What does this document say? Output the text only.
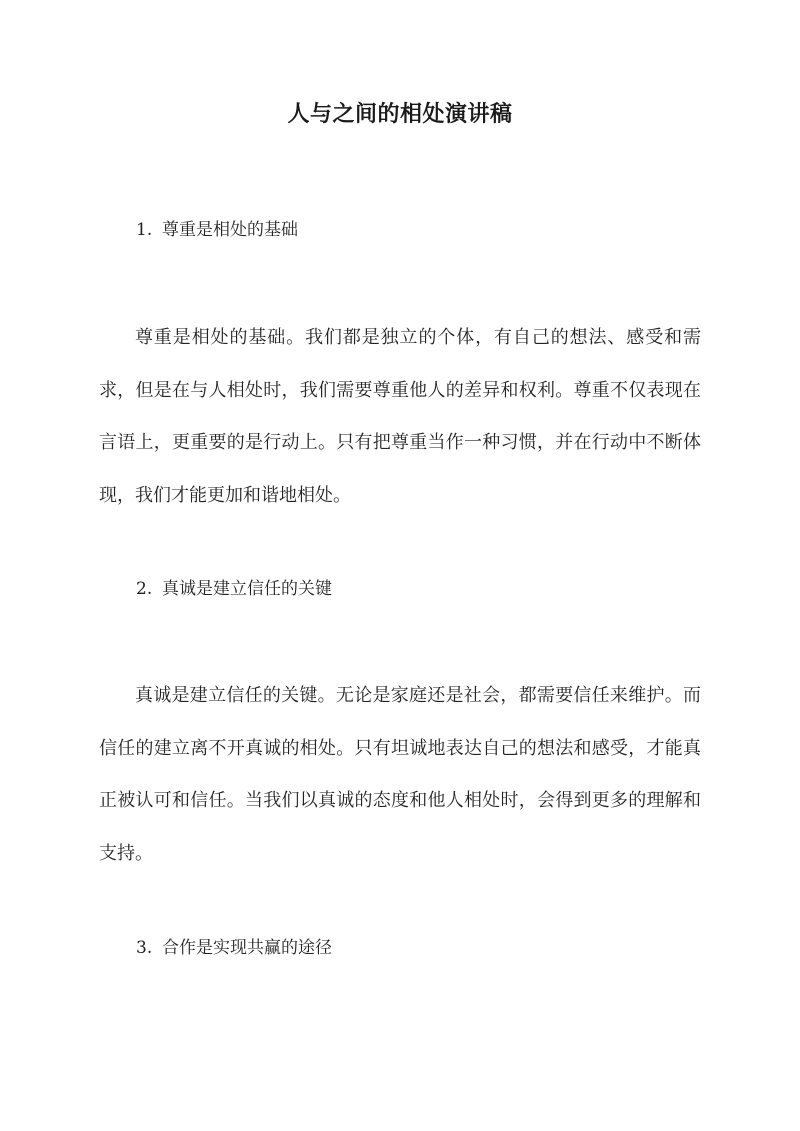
人与之间的相处演讲稿
1. 尊重是相处的基础

尊重是相处的基础。我们都是独立的个体，有自己的想法、感受和需求，但是在与人相处时，我们需要尊重他人的差异和权利。尊重不仅表现在言语上，更重要的是行动上。只有把尊重当作一种习惯，并在行动中不断体现，我们才能更加和谐地相处。

2. 真诚是建立信任的关键

真诚是建立信任的关键。无论是家庭还是社会，都需要信任来维护。而信任的建立离不开真诚的相处。只有坦诚地表达自己的想法和感受，才能真正被认可和信任。当我们以真诚的态度和他人相处时，会得到更多的理解和支持。

3. 合作是实现共赢的途径
